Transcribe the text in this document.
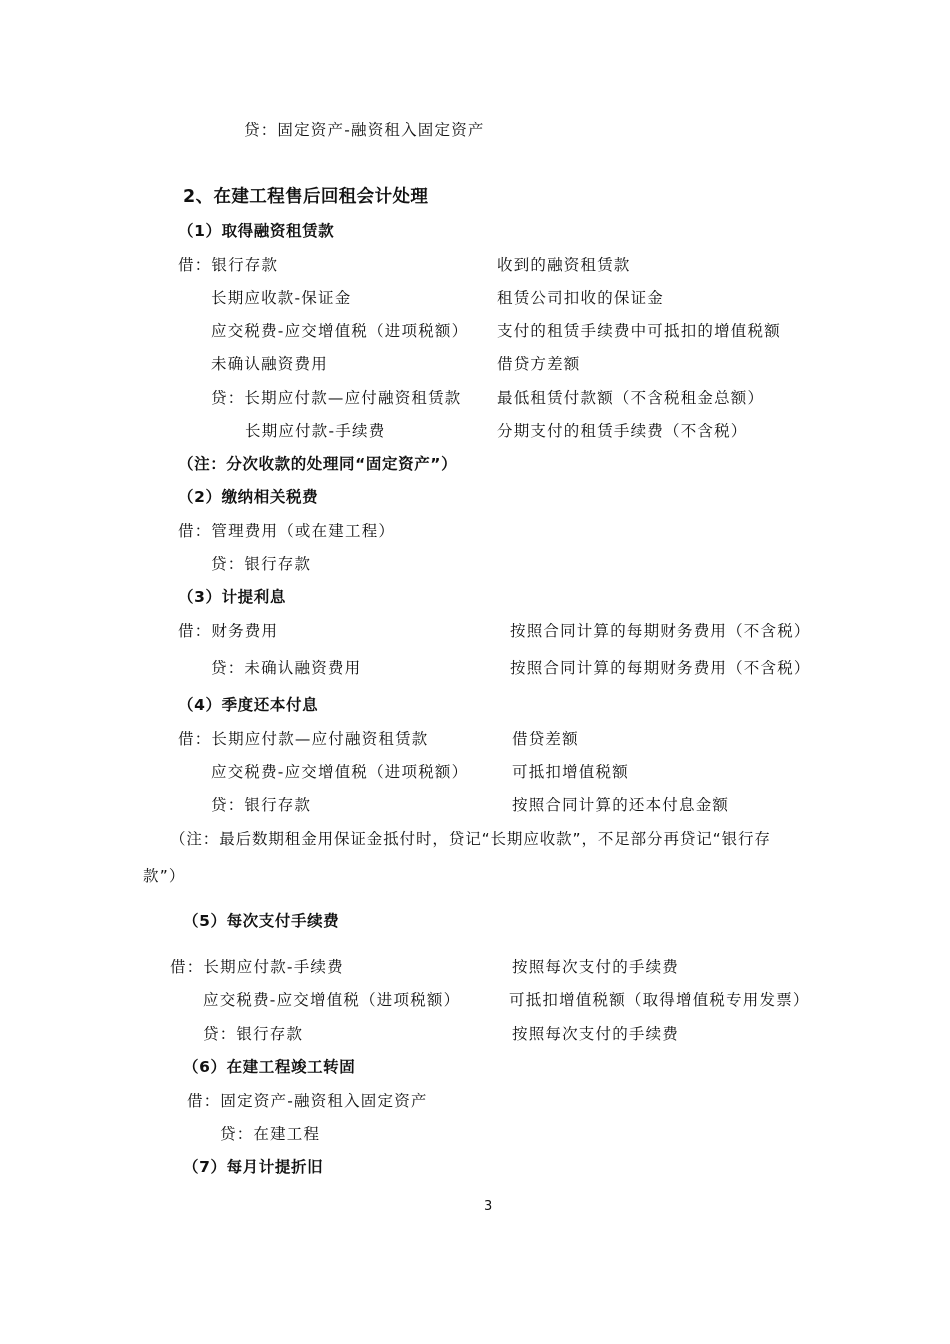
贷：固定资产-融资租入固定资产
2、在建工程售后回租会计处理
（1）取得融资租赁款
借：银行存款	收到的融资租赁款
长期应收款-保证金	租赁公司扣收的保证金
应交税费-应交增值税（进项税额） 支付的租赁手续费中可抵扣的增值税额
未确认融资费用	借贷方差额
贷：长期应付款—应付融资租赁款 最低租赁付款额（不含税租金总额）
长期应付款-手续费	分期支付的租赁手续费（不含税）
（注：分次收款的处理同“固定资产”）
（2）缴纳相关税费
借：管理费用（或在建工程）
贷：银行存款
（3）计提利息
借：财务费用	按照合同计算的每期财务费用（不含税）
贷：未确认融资费用	按照合同计算的每期财务费用（不含税）
（4）季度还本付息
借：长期应付款—应付融资租赁款	借贷差额
应交税费-应交增值税（进项税额）	可抵扣增值税额
贷：银行存款	按照合同计算的还本付息金额
（注：最后数期租金用保证金抵付时，贷记“长期应收款”，不足部分再贷记“银行存
款”）
（5）每次支付手续费
借：长期应付款-手续费	按照每次支付的手续费
应交税费-应交增值税（进项税额）	可抵扣增值税额（取得增值税专用发票）
贷：银行存款	按照每次支付的手续费
（6）在建工程竣工转固
借：固定资产-融资租入固定资产
贷：在建工程
（7）每月计提折旧
3
